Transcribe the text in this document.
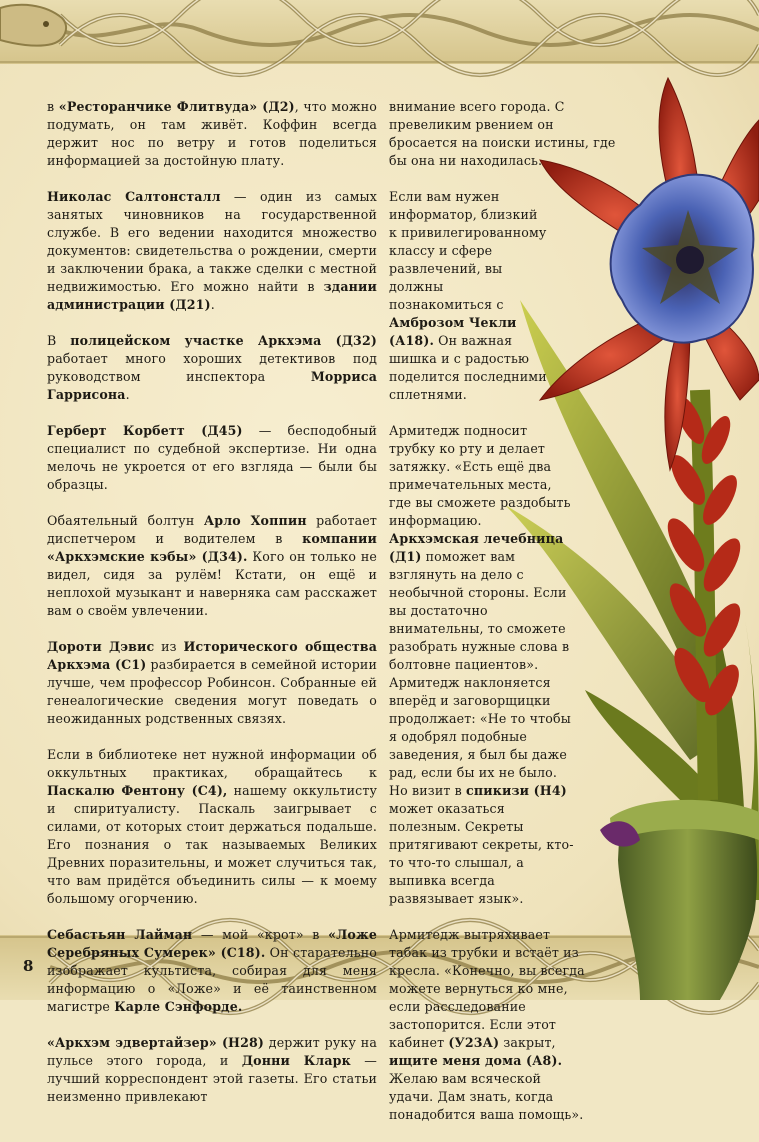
в «Ресторанчике Флитвуда» (Д2), что можно подумать, он там живёт. Коффин всегда держит нос по ветру и готов поделиться информацией за достойную плату.

Николас Салтонсталл — один из самых занятых чиновников на государственной службе. В его ведении находится множество документов: свидетельства о рождении, смерти и заключении брака, а также сделки с местной недвижимостью. Его можно найти в здании администрации (Д21).

В полицейском участке Аркхэма (Д32) работает много хороших детективов под руководством инспектора Морриса Гаррисона.

Герберт Корбетт (Д45) — бесподобный специалист по судебной экспертизе. Ни одна мелочь не укроется от его взгляда — были бы образцы.

Обаятельный болтун Арло Хоппин работает диспетчером и водителем в компании «Аркхэмские кэбы» (Д34). Кого он только не видел, сидя за рулём! Кстати, он ещё и неплохой музыкант и наверняка сам расскажет вам о своём увлечении.

Дороти Дэвис из Исторического общества Аркхэма (С1) разбирается в семейной истории лучше, чем профессор Робинсон. Собранные ей генеалогические сведения могут поведать о неожиданных родственных связях.

Если в библиотеке нет нужной информации об оккультных практиках, обращайтесь к Паскалю Фентону (С4), нашему оккультисту и спиритуалисту. Паскаль заигрывает с силами, от которых стоит держаться подальше. Его познания о так называемых Великих Древних поразительны, и может случиться так, что вам придётся объединить силы — к моему большому огорчению.

Себастьян Лайман — мой «крот» в «Ложе Серебряных Сумерек» (С18). Он старательно изображает культиста, собирая для меня информацию о «Ложе» и её таинственном магистре Карле Сэнфорде.

«Аркхэм эдвертайзер» (Н28) держит руку на пульсе этого города, и Донни Кларк — лучший корреспондент этой газеты. Его статьи неизменно привлекают

внимание всего города. С превеликим рвением он бросается на поиски истины, где бы она ни находилась.

Если вам нужен информатор, близкий к привилегированному классу и сфере развлечений, вы должны познакомиться с Амброзом Чекли (А18). Он важная шишка и с радостью поделится последними сплетнями.

Армитедж подносит трубку ко рту и делает затяжку. «Есть ещё два примечательных места, где вы сможете раздобыть информацию. Аркхэмская лечебница (Д1) поможет вам взглянуть на дело с необычной стороны. Если вы достаточно внимательны, то сможете разобрать нужные слова в болтовне пациентов». Армитедж наклоняется вперёд и заговорщицки продолжает: «Не то чтобы я одобрял подобные заведения, я был бы даже рад, если бы их не было. Но визит в спикизи (Н4) может оказаться полезным. Секреты притягивают секреты, кто-то что-то слышал, а выпивка всегда развязывает язык».

Армитедж вытряхивает табак из трубки и встаёт из кресла. «Конечно, вы всегда можете вернуться ко мне, если расследование застопорится. Если этот кабинет (У23А) закрыт, ищите меня дома (А8). Желаю вам всяческой удачи. Дам знать, когда понадобится ваша помощь».

8
